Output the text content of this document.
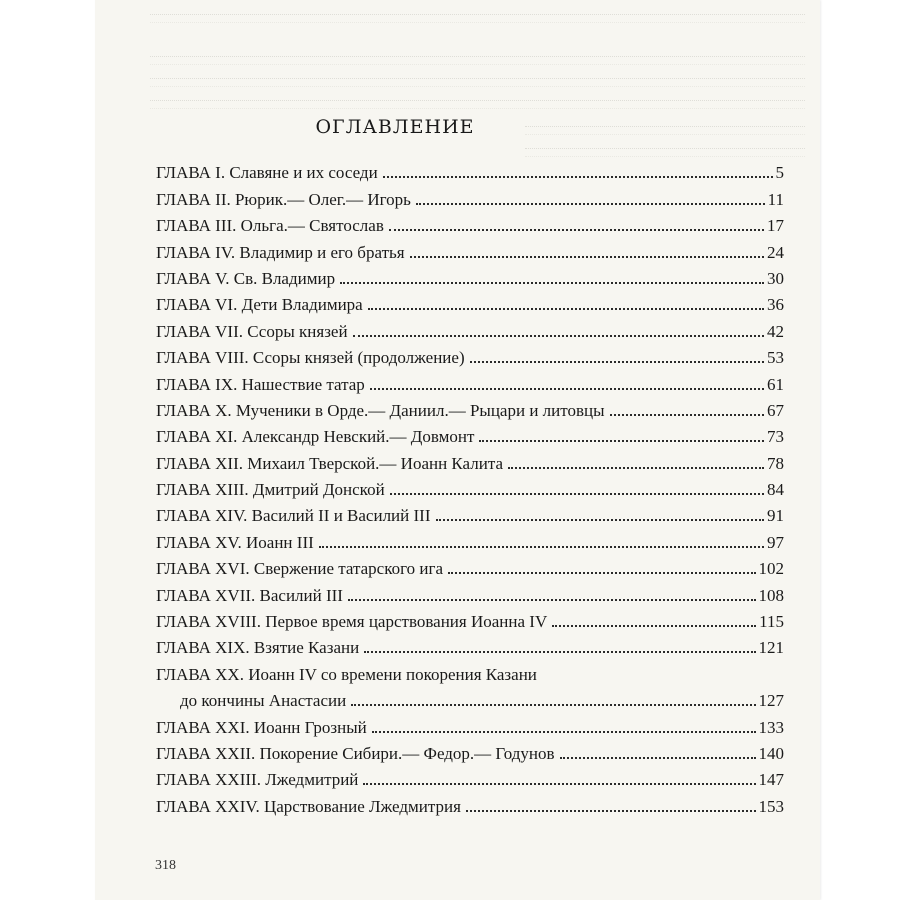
ОГЛАВЛЕНИЕ
ГЛАВА I. Славяне и их соседи	5
ГЛАВА II. Рюрик.— Олег.— Игорь	11
ГЛАВА III. Ольга.— Святослав	17
ГЛАВА IV. Владимир и его братья	24
ГЛАВА V. Св. Владимир	30
ГЛАВА VI. Дети Владимира	36
ГЛАВА VII. Ссоры князей	42
ГЛАВА VIII. Ссоры князей (продолжение)	53
ГЛАВА IX. Нашествие татар	61
ГЛАВА X. Мученики в Орде.— Даниил.— Рыцари и литовцы	67
ГЛАВА XI. Александр Невский.— Довмонт	73
ГЛАВА XII. Михаил Тверской.— Иоанн Калита	78
ГЛАВА XIII. Дмитрий Донской	84
ГЛАВА XIV. Василий II и Василий III	91
ГЛАВА XV. Иоанн III	97
ГЛАВА XVI. Свержение татарского ига	102
ГЛАВА XVII. Василий III	108
ГЛАВА XVIII. Первое время царствования Иоанна IV	115
ГЛАВА XIX. Взятие Казани	121
ГЛАВА XX. Иоанн IV со времени покорения Казани
до кончины Анастасии	127
ГЛАВА XXI. Иоанн Грозный	133
ГЛАВА XXII. Покорение Сибири.— Федор.— Годунов	140
ГЛАВА XXIII. Лжедмитрий	147
ГЛАВА XXIV. Царствование Лжедмитрия	153
318
